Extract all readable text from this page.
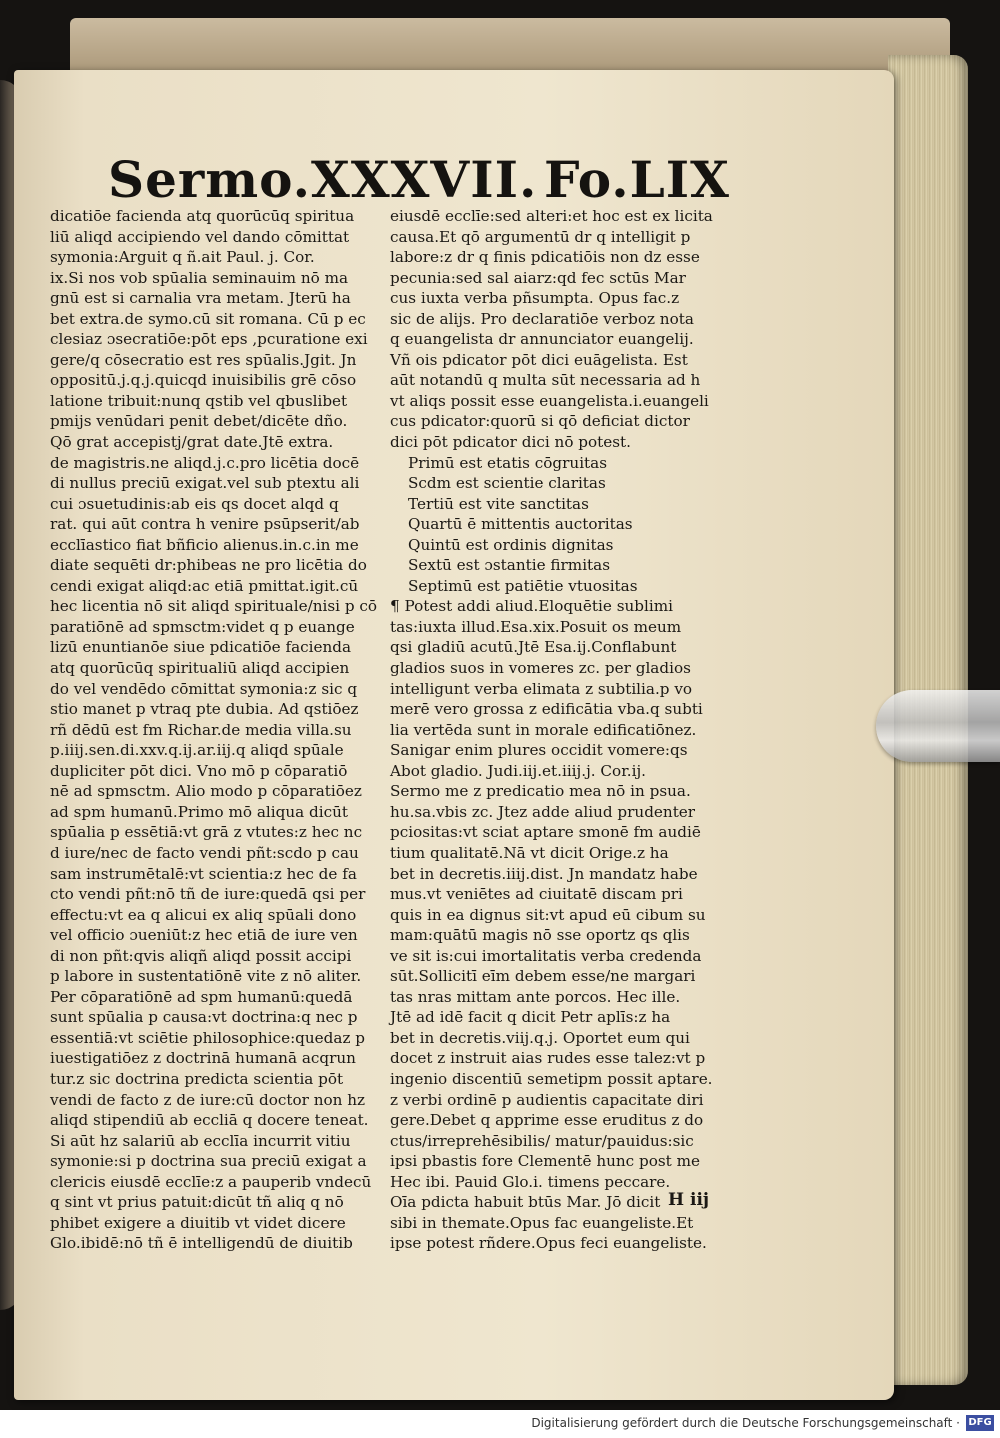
Sermo.XXXVII. Fo.LIX
dicatiōe facienda atq quorūcūq spiritua
liū aliqd accipiendo vel dando cōmittat
symonia:Arguit q ñ.ait Paul. j. Cor.
ix.Si nos vob spūalia seminauim nō ma
gnū est si carnalia vra metam. Jterū ha
bet extra.de symo.cū sit romana. Cū p ec
clesiaz ɔsecratiōe:pōt eps ,pcuratione exi
gere/q cōsecratio est res spūalis.Jgit. Jn
oppositū.j.q.j.quicqd inuisibilis grē cōso
latione tribuit:nunq qstib vel qbuslibet
pmijs venūdari penit debet/dicēte dño.
Qō grat accepistj/grat date.Jtē extra.
de magistris.ne aliqd.j.c.pro licētia docē
di nullus preciū exigat.vel sub ptextu ali
cui ɔsuetudinis:ab eis qs docet alqd q
rat. qui aūt contra h venire psūpserit/ab
ecclīastico fiat bñficio alienus.in.c.in me
diate sequēti dr:phibeas ne pro licētia do
cendi exigat aliqd:ac etiā pmittat.igit.cū
hec licentia nō sit aliqd spirituale/nisi p cō
paratiōnē ad spmsctm:videt q p euange
lizū enuntianōe siue pdicatiōe facienda
atq quorūcūq spiritualiū aliqd accipien
do vel vendēdo cōmittat symonia:z sic q
stio manet p vtraq pte dubia. Ad qstiōez
rñ dēdū est fm Richar.de media villa.su
p.iiij.sen.di.xxv.q.ij.ar.iij.q aliqd spūale
dupliciter pōt dici. Vno mō p cōparatiō
nē ad spmsctm. Alio modo p cōparatiōez
ad spm humanū.Primo mō aliqua dicūt
spūalia p essētiā:vt grā z vtutes:z hec nc
d iure/nec de facto vendi pñt:scdo p cau
sam instrumētalē:vt scientia:z hec de fa
cto vendi pñt:nō tñ de iure:quedā qsi per
effectu:vt ea q alicui ex aliq spūali dono
vel officio ɔueniūt:z hec etiā de iure ven
di non pñt:qvis aliqñ aliqd possit accipi
p labore in sustentatiōnē vite z nō aliter.
Per cōparatiōnē ad spm humanū:quedā
sunt spūalia p causa:vt doctrina:q nec p
essentiā:vt sciētie philosophice:quedaz p
iuestigatiōez z doctrinā humanā acqrun
tur.z sic doctrina predicta scientia pōt
vendi de facto z de iure:cū doctor non hz
aliqd stipendiū ab eccliā q docere teneat.
Si aūt hz salariū ab ecclīa incurrit vitiu
symonie:si p doctrina sua preciū exigat a
clericis eiusdē ecclīe:z a pauperib vndecū
q sint vt prius patuit:dicūt tñ aliq q nō
phibet exigere a diuitib vt videt dicere
Glo.ibidē:nō tñ ē intelligendū de diuitib
eiusdē ecclīe:sed alteri:et hoc est ex licita
causa.Et qō argumentū dr q intelligit p
labore:z dr q finis pdicatiōis non dz esse
pecunia:sed sal aiarz:qd fec sctūs Mar
cus iuxta verba pñsumpta. Opus fac.z
sic de alijs. Pro declaratiōe verboz nota
q euangelista dr annunciator euangelij.
Vñ ois pdicator pōt dici euāgelista. Est
aūt notandū q multa sūt necessaria ad h
vt aliqs possit esse euangelista.i.euangeli
cus pdicator:quorū si qō deficiat dictor
dici pōt pdicator dici nō potest.
Primū est etatis cōgruitas
Scdm est scientie claritas
Tertiū est vite sanctitas
Quartū ē mittentis auctoritas
Quintū est ordinis dignitas
Sextū est ɔstantie firmitas
Septimū est patiētie vtuositas
¶ Potest addi aliud.Eloquētie sublimi
tas:iuxta illud.Esa.xix.Posuit os meum
qsi gladiū acutū.Jtē Esa.ij.Conflabunt
gladios suos in vomeres zc. per gladios
intelligunt verba elimata z subtilia.p vo
merē vero grossa z edificātia vba.q subti
lia vertēda sunt in morale edificatiōnez.
Sanigar enim plures occidit vomere:qs
Abot gladio. Judi.iij.et.iiij.j. Cor.ij.
Sermo me z predicatio mea nō in psua.
hu.sa.vbis zc. Jtez adde aliud prudenter
pciositas:vt sciat aptare smonē fm audiē
tium qualitatē.Nā vt dicit Orige.z ha
bet in decretis.iiij.dist. Jn mandatz habe
mus.vt veniētes ad ciuitatē discam pri
quis in ea dignus sit:vt apud eū cibum su
mam:quātū magis nō sse oportz qs qlis
ve sit is:cui imortalitatis verba credenda
sūt.Sollicitī eīm debem esse/ne margari
tas nras mittam ante porcos. Hec ille.
Jtē ad idē facit q dicit Petr aplīs:z ha
bet in decretis.viij.q.j. Oportet eum qui
docet z instruit aias rudes esse talez:vt p
ingenio discentiū semetipm possit aptare.
z verbi ordinē p audientis capacitate diri
gere.Debet q apprime esse eruditus z do
ctus/irreprehēsibilis/ matur/pauidus:sic
ipsi pbastis fore Clementē hunc post me
Hec ibi. Pauid Glo.i. timens peccare.
Oīa pdicta habuit btūs Mar. Jō dicit
sibi in themate.Opus fac euangeliste.Et
ipse potest rñdere.Opus feci euangeliste.
H iij
Digitalisierung gefördert durch die Deutsche Forschungsgemeinschaft · DFG
